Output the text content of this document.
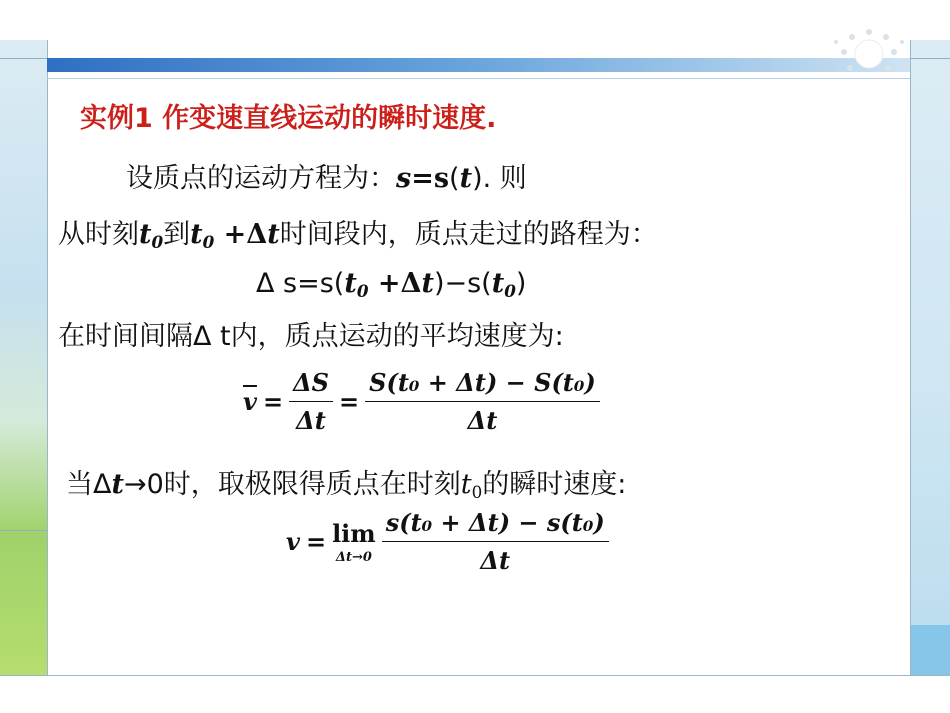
实例1 作变速直线运动的瞬时速度.
设质点的运动方程为：s=s(t). 则
从时刻$t_0$到$t_0 +\Delta t$时间段内，质点走过的路程为：
Δ $s=s(t_0 +\Delta t)-s(t_0)$
在时间间隔Δ t内，质点运动的平均速度为:
$\overline{v} = \frac{\Delta S}{\Delta t} = \frac{\text{S(t₀ + Δt) − S(t₀)}}{\Delta t}$
当Δt→0时，取极限得质点在时刻$t_0$的瞬时速度:
v = lim
$\Delta t\to 0 \frac{\text{s(t₀ + Δt) − s(t₀)}}{\Delta t}$
